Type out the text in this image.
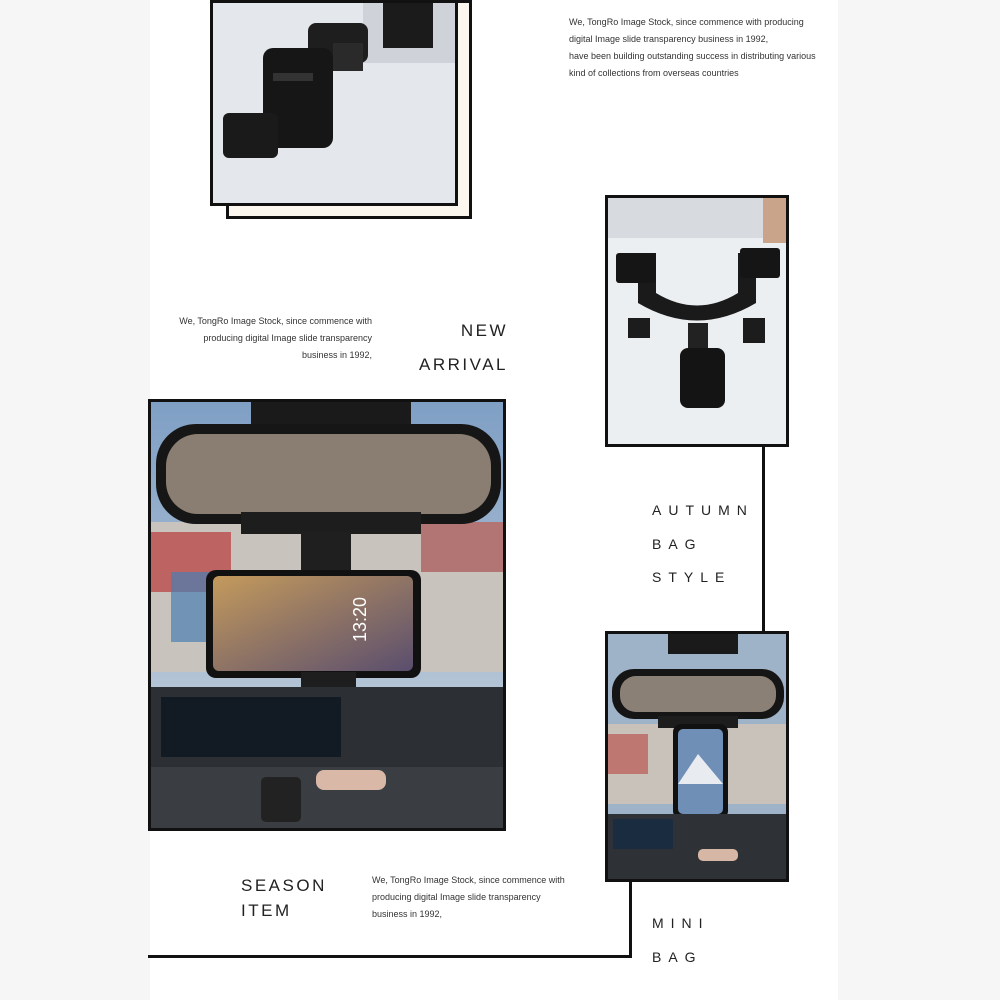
We, TongRo Image Stock, since commence with producing
digital Image slide transparency business in 1992,
have been building outstanding success in distributing various
kind of collections from overseas countries
We, TongRo Image Stock, since commence with
producing digital Image slide transparency
business in 1992,
NEW
ARRIVAL
13:20
AUTUMN
BAG
STYLE
SEASON
ITEM
We, TongRo Image Stock, since commence with
producing digital Image slide transparency
business in 1992,
MINI
BAG
